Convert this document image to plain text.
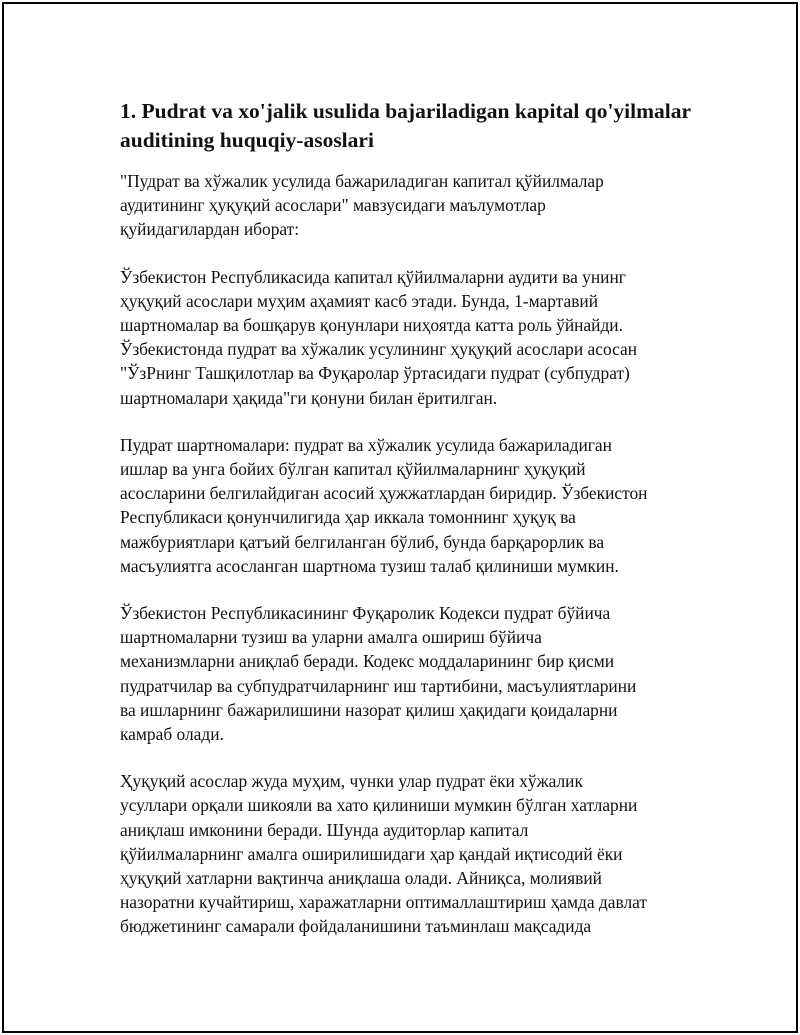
1. Pudrat va xo'jalik usulida bajariladigan kapital qo'yilmalar
auditining huquqiy-asoslari

"Пудрат ва хўжалик усулида бажариладиган капитал қўйилмалар
аудитининг ҳуқуқий асослари" мавзусидаги маълумотлар
қуйидагилардан иборат:

Ўзбекистон Республикасида капитал қўйилмаларни аудити ва унинг
ҳуқуқий асослари муҳим аҳамият касб этади. Бунда, 1-мартавий
шартномалар ва бошқарув қонунлари ниҳоятда катта роль ўйнайди.
Ўзбекистонда пудрат ва хўжалик усулининг ҳуқуқий асослари асосан
"ЎзРнинг Ташқилотлар ва Фуқаролар ўртасидаги пудрат (субпудрат)
шартномалари ҳақида"ги қонуни билан ёритилган.

Пудрат шартномалари: пудрат ва хўжалик усулида бажариладиган
ишлар ва унга бойих бўлган капитал қўйилмаларнинг ҳуқуқий
асосларини белгилайдиган асосий ҳужжатлардан биридир. Ўзбекистон
Республикаси қонунчилигида ҳар иккала томоннинг ҳуқуқ ва
мажбуриятлари қатъий белгиланган бўлиб, бунда барқарорлик ва
масъулиятга асосланган шартнома тузиш талаб қилиниши мумкин.

Ўзбекистон Республикасининг Фуқаролик Кодекси пудрат бўйича
шартномаларни тузиш ва уларни амалга ошириш бўйича
механизмларни аниқлаб беради. Кодекс моддаларининг бир қисми
пудратчилар ва субпудратчиларнинг иш тартибини, масъулиятларини
ва ишларнинг бажарилишини назорат қилиш ҳақидаги қоидаларни
камраб олади.

Ҳуқуқий асослар жуда муҳим, чунки улар пудрат ёки хўжалик
усуллари орқали шикояли ва хато қилиниши мумкин бўлган хатларни
аниқлаш имконини беради. Шунда аудиторлар капитал
қўйилмаларнинг амалга оширилишидаги ҳар қандай иқтисодий ёки
ҳуқуқий хатларни вақтинча аниқлаша олади. Айниқса, молиявий
назоратни кучайтириш, харажатларни оптималлаштириш ҳамда давлат
бюджетининг самарали фойдаланишини таъминлаш мақсадида
